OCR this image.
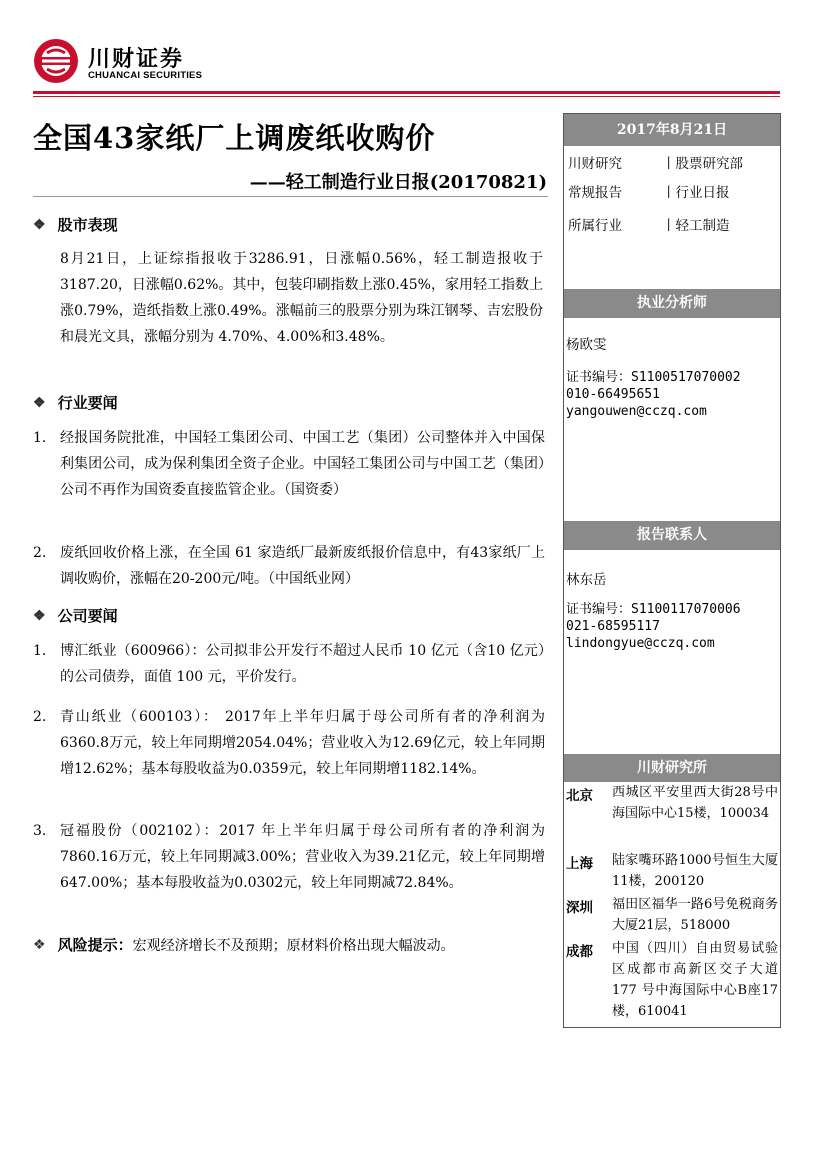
川财证券
CHUANCAI SECURITIES
全国43家纸厂上调废纸收购价
——轻工制造行业日报(20170821)
❖ 股市表现
8月21日，上证综指报收于3286.91，日涨幅0.56%，轻工制造报收于3187.20，日涨幅0.62%。其中，包装印刷指数上涨0.45%，家用轻工指数上涨0.79%，造纸指数上涨0.49%。涨幅前三的股票分别为珠江钢琴、吉宏股份和晨光文具，涨幅分别为 4.70%、4.00%和3.48%。
❖ 行业要闻
1. 经报国务院批准，中国轻工集团公司、中国工艺（集团）公司整体并入中国保利集团公司，成为保利集团全资子企业。中国轻工集团公司与中国工艺（集团）公司不再作为国资委直接监管企业。（国资委）
2. 废纸回收价格上涨，在全国 61 家造纸厂最新废纸报价信息中，有43家纸厂上调收购价，涨幅在20-200元/吨。（中国纸业网）
❖ 公司要闻
1. 博汇纸业（600966）：公司拟非公开发行不超过人民币 10 亿元（含10 亿元）的公司债券，面值 100 元，平价发行。
2. 青山纸业（600103）： 2017年上半年归属于母公司所有者的净利润为6360.8万元，较上年同期增2054.04%；营业收入为12.69亿元，较上年同期增12.62%；基本每股收益为0.0359元，较上年同期增1182.14%。
3. 冠福股份（002102）：2017 年上半年归属于母公司所有者的净利润为 7860.16万元，较上年同期减3.00%；营业收入为39.21亿元，较上年同期增647.00%；基本每股收益为0.0302元，较上年同期减72.84%。
❖ 风险提示： 宏观经济增长不及预期；原材料价格出现大幅波动。
2017年8月21日
川财研究	丨股票研究部
常规报告	丨行业日报
所属行业	丨轻工制造
执业分析师
杨欧雯
证书编号：S1100517070002
010-66495651
yangouwen@cczq.com
报告联系人
林东岳
证书编号：S1100117070006
021-68595117
lindongyue@cczq.com
川财研究所
北京 西城区平安里西大街28号中海国际中心15楼，100034
上海 陆家嘴环路1000号恒生大厦11楼，200120
深圳 福田区福华一路6号免税商务大厦21层，518000
成都 中国（四川）自由贸易试验区成都市高新区交子大道 177 号中海国际中心B座17楼，610041
